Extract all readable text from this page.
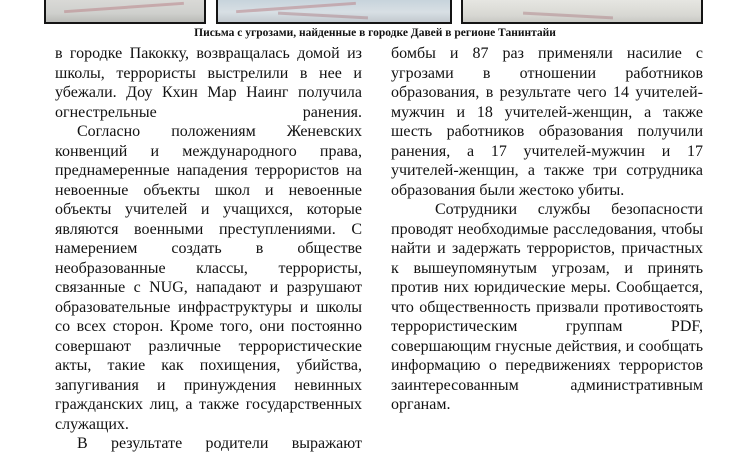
Письма с угрозами, найденные в городке Давей в регионе Танинтайи

в городке Пакокку, возвращалась домой из школы, террористы выстрелили в нее и убежали. Доу Кхин Мар Наинг получила огнестрельные ранения.

Согласно положениям Женевских конвенций и международного права, преднамеренные нападения террористов на невоенные объекты школ и невоенные объекты учителей и учащихся, которые являются военными преступлениями. С намерением создать в обществе необразованные классы, террористы, связанные с NUG, нападают и разрушают образовательные инфраструктуры и школы со всех сторон. Кроме того, они постоянно совершают различные террористические акты, такие как похищения, убийства, запугивания и принуждения невинных гражданских лиц, а также государственных служащих.

В результате родители выражают

бомбы и 87 раз применяли насилие с угрозами в отношении работников образования, в результате чего 14 учителей-мужчин и 18 учителей-женщин, а также шесть работников образования получили ранения, а 17 учителей-мужчин и 17 учителей-женщин, а также три сотрудника образования были жестоко убиты.

Сотрудники службы безопасности проводят необходимые расследования, чтобы найти и задержать террористов, причастных к вышеупомянутым угрозам, и принять против них юридические меры. Сообщается, что общественность призвали противостоять террористическим группам PDF, совершающим гнусные действия, и сообщать информацию о передвижениях террористов заинтересованным административным органам.
